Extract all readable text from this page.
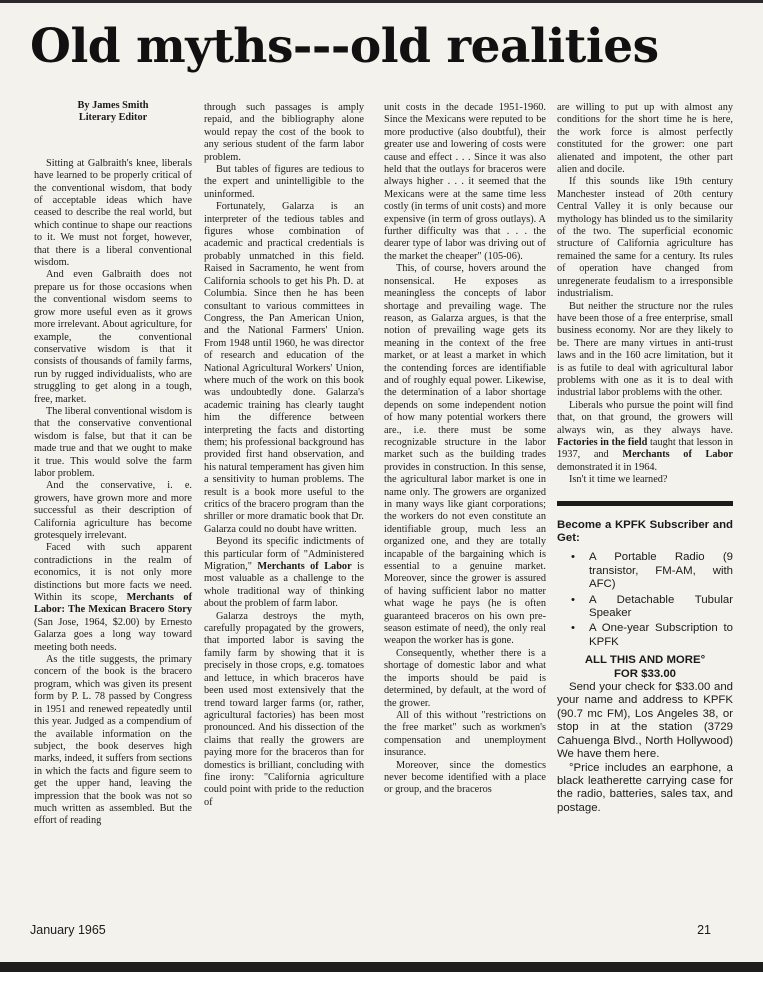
Old myths---old realities
By James Smith
Literary Editor

Sitting at Galbraith's knee, liberals have learned to be properly critical of the conventional wisdom, that body of acceptable ideas which have ceased to describe the real world, but which continue to shape our reactions to it. We must not forget, however, that there is a liberal conventional wisdom.

And even Galbraith does not prepare us for those occasions when the conventional wisdom seems to grow more useful even as it grows more irrelevant. About agriculture, for example, the conventional conservative wisdom is that it consists of thousands of family farms, run by rugged individualists, who are struggling to get along in a tough, free, market.

The liberal conventional wisdom is that the conservative conventional wisdom is false, but that it can be made true and that we ought to make it true. This would solve the farm labor problem.

And the conservative, i. e. growers, have grown more and more successful as their description of California agriculture has become grotesquely irrelevant.

Faced with such apparent contradictions in the realm of economics, it is not only more distinctions but more facts we need. Within its scope, Merchants of Labor: The Mexican Bracero Story (San Jose, 1964, $2.00) by Ernesto Galarza goes a long way toward meeting both needs.

As the title suggests, the primary concern of the book is the bracero program, which was given its present form by P. L. 78 passed by Congress in 1951 and renewed repeatedly until this year. Judged as a compendium of the available information on the subject, the book deserves high marks, indeed, it suffers from sections in which the facts and figure seem to get the upper hand, leaving the impression that the book was not so much written as assembled. But the effort of reading

through such passages is amply repaid, and the bibliography alone would repay the cost of the book to any serious student of the farm labor problem.

But tables of figures are tedious to the expert and unintelligible to the uninformed.

Fortunately, Galarza is an interpreter of the tedious tables and figures whose combination of academic and practical credentials is probably unmatched in this field. Raised in Sacramento, he went from California schools to get his Ph. D. at Columbia. Since then he has been consultant to various committees in Congress, the Pan American Union, and the National Farmers' Union. From 1948 until 1960, he was director of research and education of the National Agricultural Workers' Union, where much of the work on this book was undoubtedly done. Galarza's academic training has clearly taught him the difference between interpreting the facts and distorting them; his professional background has provided first hand observation, and his natural temperament has given him a sensitivity to human problems. The result is a book more useful to the critics of the bracero program than the shriller or more dramatic book that Dr. Galarza could no doubt have written.

Beyond its specific indictments of this particular form of "Administered Migration," Merchants of Labor is most valuable as a challenge to the whole traditional way of thinking about the problem of farm labor.

Galarza destroys the myth, carefully propagated by the growers, that imported labor is saving the family farm by showing that it is precisely in those crops, e.g. tomatoes and lettuce, in which braceros have been used most extensively that the trend toward larger farms (or, rather, agricultural factories) has been most pronounced. And his dissection of the claims that really the growers are paying more for the braceros than for domestics is brilliant, concluding with fine irony: "California agriculture could point with pride to the reduction of

unit costs in the decade 1951-1960. Since the Mexicans were reputed to be more productive (also doubtful), their greater use and lowering of costs were cause and effect . . . Since it was also held that the outlays for braceros were always higher . . . it seemed that the Mexicans were at the same time less costly (in terms of unit costs) and more expensive (in term of gross outlays). A further difficulty was that . . . the dearer type of labor was driving out of the market the cheaper" (105-06).

This, of course, hovers around the nonsensical. He exposes as meaningless the concepts of labor shortage and prevailing wage. The reason, as Galarza argues, is that the notion of prevailing wage gets its meaning in the context of the free market, or at least a market in which the contending forces are identifiable and of roughly equal power. Likewise, the determination of a labor shortage depends on some independent notion of how many potential workers there are., i.e. there must be some recognizable structure in the labor market such as the building trades provides in construction. In this sense, the agricultural labor market is one in name only. The growers are organized in many ways like giant corporations; the workers do not even constitute an identifiable group, much less an organized one, and they are totally incapable of the bargaining which is essential to a genuine market. Moreover, since the grower is assured of having sufficient labor no matter what wage he pays (he is often guaranteed braceros on his own pre-season estimate of need), the only real weapon the worker has is gone.

Consequently, whether there is a shortage of domestic labor and what the imports should be paid is determined, by default, at the word of the grower.

All of this without "restrictions on the free market" such as workmen's compensation and unemployment insurance.

Moreover, since the domestics never become identified with a place or group, and the braceros

are willing to put up with almost any conditions for the short time he is here, the work force is almost perfectly constituted for the grower: one part alienated and impotent, the other part alien and docile.

If this sounds like 19th century Manchester instead of 20th century Central Valley it is only because our mythology has blinded us to the similarity of the two. The superficial economic structure of California agriculture has remained the same for a century. Its rules of operation have changed from unregenerate feudalism to a irresponsible industrialism.

But neither the structure nor the rules have been those of a free enterprise, small business economy. Nor are they likely to be. There are many virtues in anti-trust laws and in the 160 acre limitation, but it is as futile to deal with agricultural labor problems with one as it is to deal with industrial labor problems with the other.

Liberals who pursue the point will find that, on that ground, the growers will always win, as they always have. Factories in the field taught that lesson in 1937, and Merchants of Labor demonstrated it in 1964.

Isn't it time we learned?

Become a KPFK Subscriber and Get:
• A Portable Radio (9 transistor, FM-AM, with AFC)
• A Detachable Tubular Speaker
• A One-year Subscription to KPFK
ALL THIS AND MORE°
FOR $33.00

Send your check for $33.00 and your name and address to KPFK (90.7 mc FM), Los Angeles 38, or stop in at the station (3729 Cahuenga Blvd., North Hollywood) We have them here.

°Price includes an earphone, a black leatherette carrying case for the radio, batteries, sales tax, and postage.

January 1965	21
